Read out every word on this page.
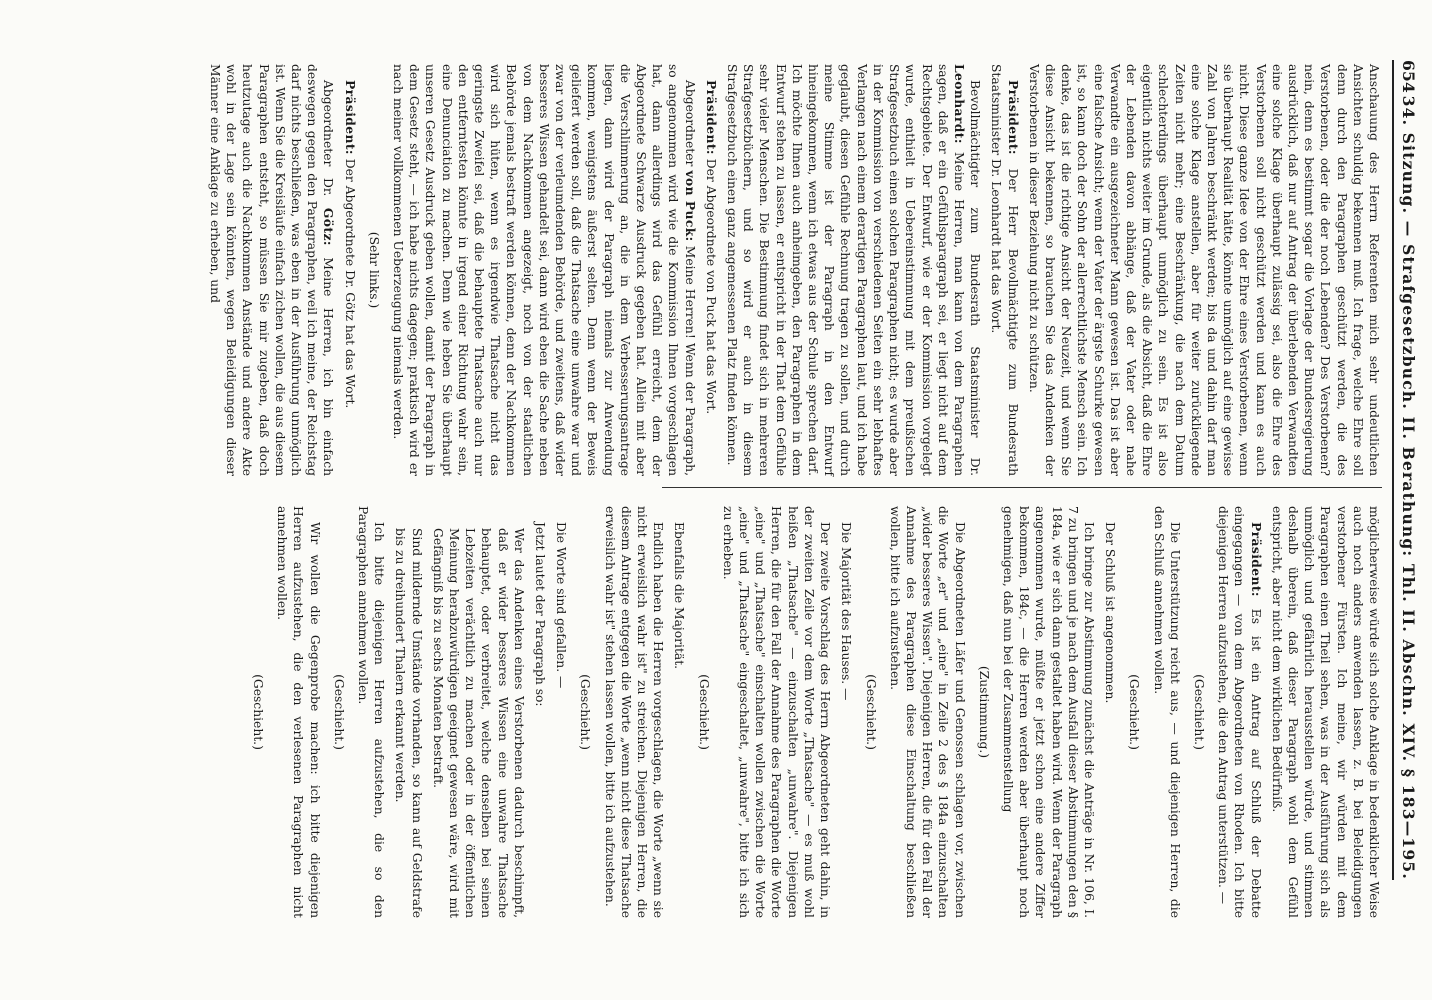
654
34. Sitzung. — Strafgesetzbuch. II. Berathung: Thl. II. Abschn. XIV. § 183—195.

Anschauung des Herrn Referenten mich sehr undeutlichen Ansichten schuldig bekennen muß. Ich frage, welche Ehre soll denn durch den Paragraphen geschützt werden, die des Verstorbenen, oder die der noch Lebenden? Des Verstorbenen? nein, denn es bestimmt sogar die Vorlage der Bundesregierung ausdrücklich, daß nur auf Antrag der überlebenden Verwandten eine solche Klage überhaupt zulässig sei, also die Ehre des Verstorbenen soll nicht geschützt werden und kann es auch nicht. Diese ganze Idee von der Ehre eines Verstorbenen, wenn sie überhaupt Realität hätte, könnte unmöglich auf eine gewisse Zahl von Jahren beschränkt werden; bis da und dahin darf man eine solche Klage anstellen, aber für weiter zurückliegende Zeiten nicht mehr; eine Beschränkung, die nach dem Datum schlechterdings überhaupt unmöglich zu sein. Es ist also eigentlich nichts weiter im Grunde, als die Absicht, daß die Ehre der Lebenden davon abhänge, daß der Vater oder nahe Verwandte ein ausgezeichneter Mann gewesen ist. Das ist aber eine falsche Ansicht; wenn der Vater der ärgste Schurke gewesen ist, so kann doch der Sohn der allerrechtlichste Mensch sein. Ich denke, das ist die richtige Ansicht der Neuzeit, und wenn Sie diese Ansicht bekennen, so brauchen Sie das Andenken der Verstorbenen in dieser Beziehung nicht zu schützen.

Präsident: Der Herr Bevollmächtigte zum Bundesrath Staatsminister Dr. Leonhardt hat das Wort.

Bevollmächtigter zum Bundesrath Staatsminister Dr. Leonhardt: Meine Herren, man kann von dem Paragraphen sagen, daß er ein Gefühlsparagraph sei, er liegt nicht auf dem Rechtsgebiete. Der Entwurf, wie er der Kommission vorgelegt wurde, enthielt in Uebereinstimmung mit dem preußischen Strafgesetzbuch einen solchen Paragraphen nicht; es wurde aber in der Kommission von verschiedenen Seiten ein sehr lebhaftes Verlangen nach einem derartigen Paragraphen laut, und ich habe geglaubt, diesen Gefühle Rechnung tragen zu sollen, und durch meine Stimme ist der Paragraph in den Entwurf hineingekommen, wenn ich etwas aus der Schule sprechen darf. Ich möchte Ihnen auch anheimgeben, den Paragraphen in dem Entwurf stehen zu lassen, er entspricht in der That dem Gefühle sehr vieler Menschen. Die Bestimmung findet sich in mehreren Strafgesetzbüchern, und so wird er auch in diesem Strafgesetzbuch einen ganz angemessenen Platz finden können.

Präsident: Der Abgeordnete von Puck hat das Wort.

Abgeordneter von Puck: Meine Herren! Wenn der Paragraph, so angenommen wird wie die Kommission Ihnen vorgeschlagen hat, dann allerdings wird das Gefühl erreicht, dem der Abgeordnete Schwarze Ausdruck gegeben hat. Allein mit aber die Verschlimmerung an, die in dem Verbesserungsantrage liegen, dann wird der Paragraph niemals zur Anwendung kommen, wenigstens äußerst selten. Denn wenn der Beweis geliefert werden soll, daß die Thatsache eine unwahre war und zwar von der verleumdenden Behörde, und zweitens, daß wider besseres Wissen gehandelt sei, dann wird eben die Sache neben von dem Nachkommen angezeigt, noch von der staatlichen Behörde jemals bestraft werden können, denn der Nachkommen wird sich hüten, wenn es irgendwie Thatsache nicht das geringste Zweifel sei, daß die behauptete Thatsache auch nur den entferntesten könnte in irgend einer Richtung wahr sein, eine Denunciation zu machen. Denn wie heben Sie überhaupt unseren Gesetz Ausdruck geben wollen, damit der Paragraph in dem Gesetz steht, — ich habe nichts dagegen; praktisch wird er nach meiner vollkommenen Ueberzeugung niemals werden.

(Sehr links.)

Präsident: Der Abgeordnete Dr. Götz hat das Wort.

Abgeordneter Dr. Götz: Meine Herren, ich bin einfach deswegen gegen den Paragraphen, weil ich meine, der Reichstag darf nichts beschließen, was eben in der Ausführung unmöglich ist. Wenn Sie die Kreisläufe einfach zichen wollen, die aus diesem Paragraphen entsteht, so müssen Sie mir zugeben, daß doch heutzutage auch die Nachkommen Anstände und andere Akte wohl in der Lage sein könnten, wegen Beleidigungen dieser Männer eine Anklage zu erheben, und

möglicherweise würde sich solche Anklage in bedenklicher Weise auch noch anders anwenden lassen, z. B. bei Beleidigungen verstorbener Fürsten. Ich meine, wir würden mit dem Paragraphen einen Theil sehen, was in der Ausführung sich als unmöglich und gefährlich herausstellen würde, und stimmen deshalb überein, daß dieser Paragraph wohl dem Gefühl entspricht, aber nicht dem wirklichen Bedürfniß.

Präsident: Es ist ein Antrag auf Schluß der Debatte eingegangen — von dem Abgeordneten von Rhoden. Ich bitte diejenigen Herren aufzustehen, die den Antrag unterstützen. —

(Geschieht.)

Die Unterstützung reicht aus, — und diejenigen Herren, die den Schluß annehmen wollen.

(Geschieht.)

Der Schluß ist angenommen.

Ich bringe zur Abstimmung zunächst die Anträge in Nr. 106, I. 7 zu bringen und je nach dem Ausfall dieser Abstimmungen den § 184a, wie er sich dann gestaltet haben wird. Wenn der Paragraph angenommen wurde, müßte er jetzt schon eine andere Ziffer bekommen, 184c, — die Herren werden aber überhaupt noch genehmigen, daß nun bei der Zusammenstellung

(Zustimmung.)

Die Abgeordneten Läfer und Genossen schlagen vor, zwischen die Worte „er" und „eine" in Zeile 2 des § 184a einzuschalten „wider besseres Wissen". Diejenigen Herren, die für den Fall der Annahme des Paragraphen diese Einschaltung beschließen wollen, bitte ich aufzustehen.

(Geschieht.)

Die Majorität des Hauses. —

Der zweite Vorschlag des Herrn Abgeordneten geht dahin, in der zweiten Zeile vor dem Worte „Thatsache" — es muß wohl heißen „Thatsache" — einzuschalten „unwahre". Diejenigen Herren, die für den Fall der Annahme des Paragraphen die Worte „eine" und „Thatsache" einschalten wollen zwischen die Worte „eine" und „Thatsache" eingeschaltet, „unwahre", bitte ich sich zu erheben.

(Geschieht.)

Ebenfalls die Majorität.

Endlich haben die Herren vorgeschlagen, die Worte „wenn sie nicht erweislich wahr ist" zu streichen. Diejenigen Herren, die diesem Antrage entgegen die Worte „wenn nicht diese Thatsache erweislich wahr ist" stehen lassen wollen, bitte ich aufzustehen.

(Geschieht.)

Die Worte sind gefallen. —

Jetzt lautet der Paragraph so:

Wer das Andenken eines Verstorbenen dadurch beschimpft, daß er wider besseres Wissen eine unwahre Thatsache behauptet, oder verbreitet, welche denselben bei seinen Lebzeiten verächtlich zu machen oder in der öffentlichen Meinung herabzuwürdigen geeignet gewesen wäre, wird mit Gefängniß bis zu sechs Monaten bestraft.

Sind mildernde Umstände vorhanden, so kann auf Geldstrafe bis zu dreihundert Thalern erkannt werden.

Ich bitte diejenigen Herren aufzustehen, die so den Paragraphen annehmen wollen.

(Geschieht.)

Wir wollen die Gegenprobe machen: ich bitte diejenigen Herren aufzustehen, die den verlesenen Paragraphen nicht annehmen wollen.

(Geschieht.)
